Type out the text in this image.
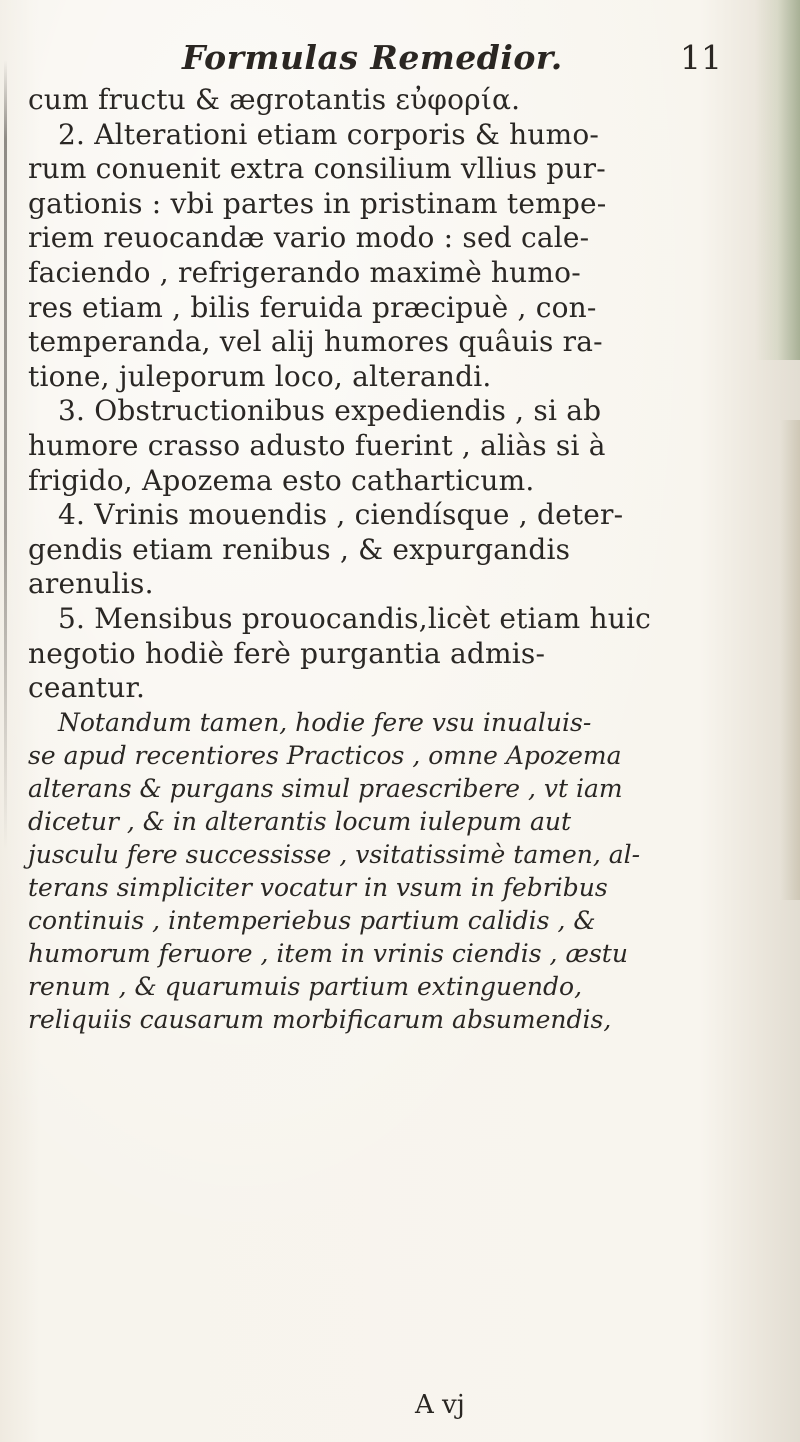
Formulas Remedior.	11
cum fructu & ægrotantis εὐφορία.
2. Alterationi etiam corporis & humo-
rum conuenit extra consilium vllius pur-
gationis : vbi partes in pristinam tempe-
riem reuocandæ vario modo : sed cale-
faciendo , refrigerando maximè humo-
res etiam , bilis feruida præcipuè , con-
temperanda, vel alij humores quâuis ra-
tione, juleporum loco, alterandi.
3. Obstructionibus expediendis , si ab
humore crasso adusto fuerint , aliàs si à
frigido, Apozema esto catharticum.
4. Vrinis mouendis , ciendísque , deter-
gendis etiam renibus , & expurgandis
arenulis.
5. Mensibus prouocandis,licèt etiam huic
negotio hodiè ferè purgantia admis-
ceantur.
Notandum tamen, hodie fere vsu inualuis-
se apud recentiores Practicos , omne Apozema
alterans & purgans simul praescribere , vt iam
dicetur , & in alterantis locum iulepum aut
jusculu fere successisse , vsitatissimè tamen, al-
terans simpliciter vocatur in vsum in febribus
continuis , intemperiebus partium calidis , &
humorum feruore , item in vrinis ciendis , æstu
renum , & quarumuis partium extinguendo,
reliquiis causarum morbificarum absumendis,
A vj
